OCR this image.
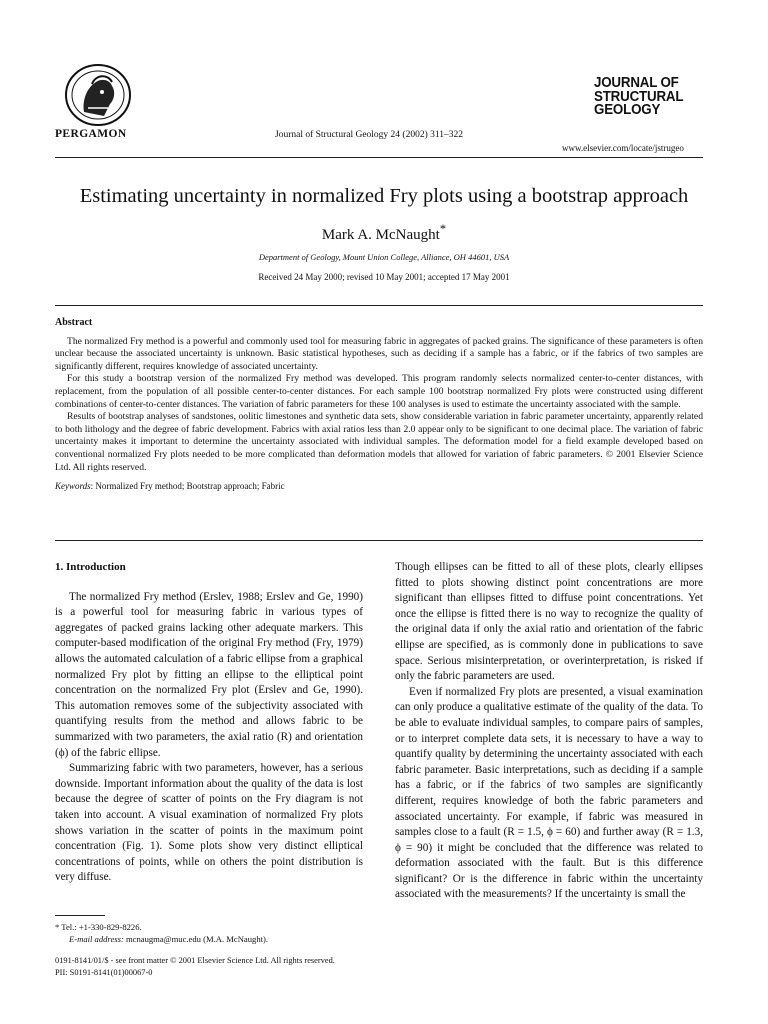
PERGAMON	Journal of Structural Geology 24 (2002) 311–322
JOURNAL OF
STRUCTURAL
GEOLOGY
www.elsevier.com/locate/jstrugeo
Estimating uncertainty in normalized Fry plots using a bootstrap approach
Mark A. McNaught*
Department of Geology, Mount Union College, Alliance, OH 44601, USA
Received 24 May 2000; revised 10 May 2001; accepted 17 May 2001
Abstract

The normalized Fry method is a powerful and commonly used tool for measuring fabric in aggregates of packed grains. The significance of these parameters is often unclear because the associated uncertainty is unknown. Basic statistical hypotheses, such as deciding if a sample has a fabric, or if the fabrics of two samples are significantly different, requires knowledge of associated uncertainty.

For this study a bootstrap version of the normalized Fry method was developed. This program randomly selects normalized center-to-center distances, with replacement, from the population of all possible center-to-center distances. For each sample 100 bootstrap normalized Fry plots were constructed using different combinations of center-to-center distances. The variation of fabric parameters for these 100 analyses is used to estimate the uncertainty associated with the sample.

Results of bootstrap analyses of sandstones, oolitic limestones and synthetic data sets, show considerable variation in fabric parameter uncertainty, apparently related to both lithology and the degree of fabric development. Fabrics with axial ratios less than 2.0 appear only to be significant to one decimal place. The variation of fabric uncertainty makes it important to determine the uncertainty associated with individual samples. The deformation model for a field example developed based on conventional normalized Fry plots needed to be more complicated than deformation models that allowed for variation of fabric parameters. © 2001 Elsevier Science Ltd. All rights reserved.

Keywords: Normalized Fry method; Bootstrap approach; Fabric
1. Introduction

The normalized Fry method (Erslev, 1988; Erslev and Ge, 1990) is a powerful tool for measuring fabric in various types of aggregates of packed grains lacking other adequate markers. This computer-based modification of the original Fry method (Fry, 1979) allows the automated calculation of a fabric ellipse from a graphical normalized Fry plot by fitting an ellipse to the elliptical point concentration on the normalized Fry plot (Erslev and Ge, 1990). This automation removes some of the subjectivity associated with quantifying results from the method and allows fabric to be summarized with two parameters, the axial ratio (R) and orientation (ϕ) of the fabric ellipse.

Summarizing fabric with two parameters, however, has a serious downside. Important information about the quality of the data is lost because the degree of scatter of points on the Fry diagram is not taken into account. A visual examination of normalized Fry plots shows variation in the scatter of points in the maximum point concentration (Fig. 1). Some plots show very distinct elliptical concentrations of points, while on others the point distribution is very diffuse.

Though ellipses can be fitted to all of these plots, clearly ellipses fitted to plots showing distinct point concentrations are more significant than ellipses fitted to diffuse point concentrations. Yet once the ellipse is fitted there is no way to recognize the quality of the original data if only the axial ratio and orientation of the fabric ellipse are specified, as is commonly done in publications to save space. Serious misinterpretation, or overinterpretation, is risked if only the fabric parameters are used.

Even if normalized Fry plots are presented, a visual examination can only produce a qualitative estimate of the quality of the data. To be able to evaluate individual samples, to compare pairs of samples, or to interpret complete data sets, it is necessary to have a way to quantify quality by determining the uncertainty associated with each fabric parameter. Basic interpretations, such as deciding if a sample has a fabric, or if the fabrics of two samples are significantly different, requires knowledge of both the fabric parameters and associated uncertainty. For example, if fabric was measured in samples close to a fault (R = 1.5, ϕ = 60) and further away (R = 1.3, ϕ = 90) it might be concluded that the difference was related to deformation associated with the fault. But is this difference significant? Or is the difference in fabric within the uncertainty associated with the measurements? If the uncertainty is small the

* Tel.: +1-330-829-8226.
E-mail address: mcnaugma@muc.edu (M.A. McNaught).
0191-8141/01/$ - see front matter © 2001 Elsevier Science Ltd. All rights reserved.
PII: S0191-8141(01)00067-0
